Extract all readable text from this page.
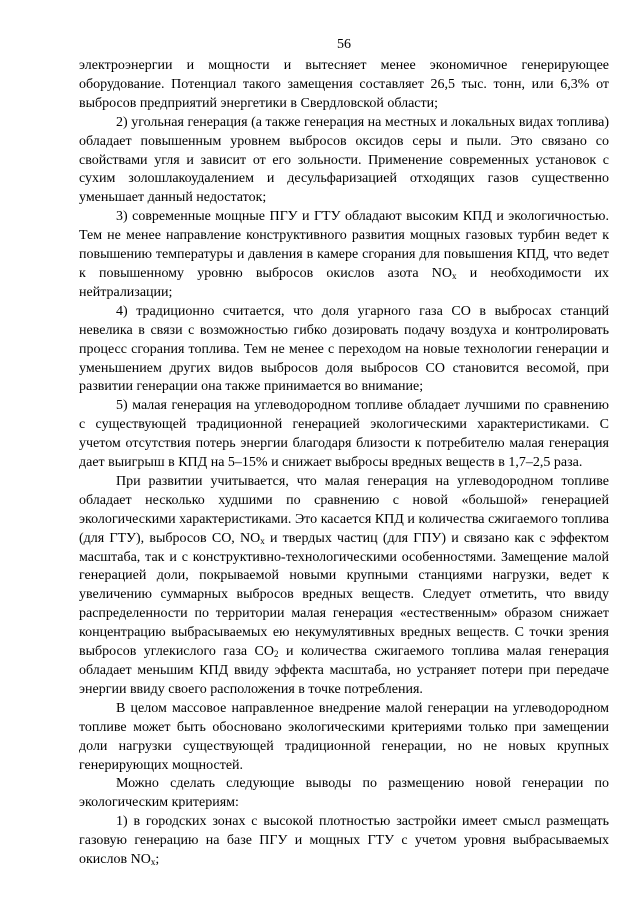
56

электроэнергии и мощности и вытесняет менее экономичное генерирующее оборудование. Потенциал такого замещения составляет 26,5 тыс. тонн, или 6,3% от выбросов предприятий энергетики в Свердловской области;

2) угольная генерация (а также генерация на местных и локальных видах топлива) обладает повышенным уровнем выбросов оксидов серы и пыли. Это связано со свойствами угля и зависит от его зольности. Применение современных установок с сухим золошлакоудалением и десульфаризацией отходящих газов существенно уменьшает данный недостаток;

3) современные мощные ПГУ и ГТУ обладают высоким КПД и экологичностью. Тем не менее направление конструктивного развития мощных газовых турбин ведет к повышению температуры и давления в камере сгорания для повышения КПД, что ведет к повышенному уровню выбросов окислов азота $NO_x$ и необходимости их нейтрализации;

4) традиционно считается, что доля угарного газа CO в выбросах станций невелика в связи с возможностью гибко дозировать подачу воздуха и контролировать процесс сгорания топлива. Тем не менее с переходом на новые технологии генерации и уменьшением других видов выбросов доля выбросов CO становится весомой, при развитии генерации она также принимается во внимание;

5) малая генерация на углеводородном топливе обладает лучшими по сравнению с существующей традиционной генерацией экологическими характеристиками. С учетом отсутствия потерь энергии благодаря близости к потребителю малая генерация дает выигрыш в КПД на 5–15% и снижает выбросы вредных веществ в 1,7–2,5 раза.

При развитии учитывается, что малая генерация на углеводородном топливе обладает несколько худшими по сравнению с новой «большой» генерацией экологическими характеристиками. Это касается КПД и количества сжигаемого топлива (для ГТУ), выбросов CO, $NO_x$ и твердых частиц (для ГПУ) и связано как с эффектом масштаба, так и с конструктивно-технологическими особенностями. Замещение малой генерацией доли, покрываемой новыми крупными станциями нагрузки, ведет к увеличению суммарных выбросов вредных веществ. Следует отметить, что ввиду распределенности по территории малая генерация «естественным» образом снижает концентрацию выбрасываемых ею некумулятивных вредных веществ. С точки зрения выбросов углекислого газа $CO_2$ и количества сжигаемого топлива малая генерация обладает меньшим КПД ввиду эффекта масштаба, но устраняет потери при передаче энергии ввиду своего расположения в точке потребления.

В целом массовое направленное внедрение малой генерации на углеводородном топливе может быть обосновано экологическими критериями только при замещении доли нагрузки существующей традиционной генерации, но не новых крупных генерирующих мощностей.

Можно сделать следующие выводы по размещению новой генерации по экологическим критериям:

1) в городских зонах с высокой плотностью застройки имеет смысл размещать газовую генерацию на базе ПГУ и мощных ГТУ с учетом уровня выбрасываемых окислов $NO_x$;
